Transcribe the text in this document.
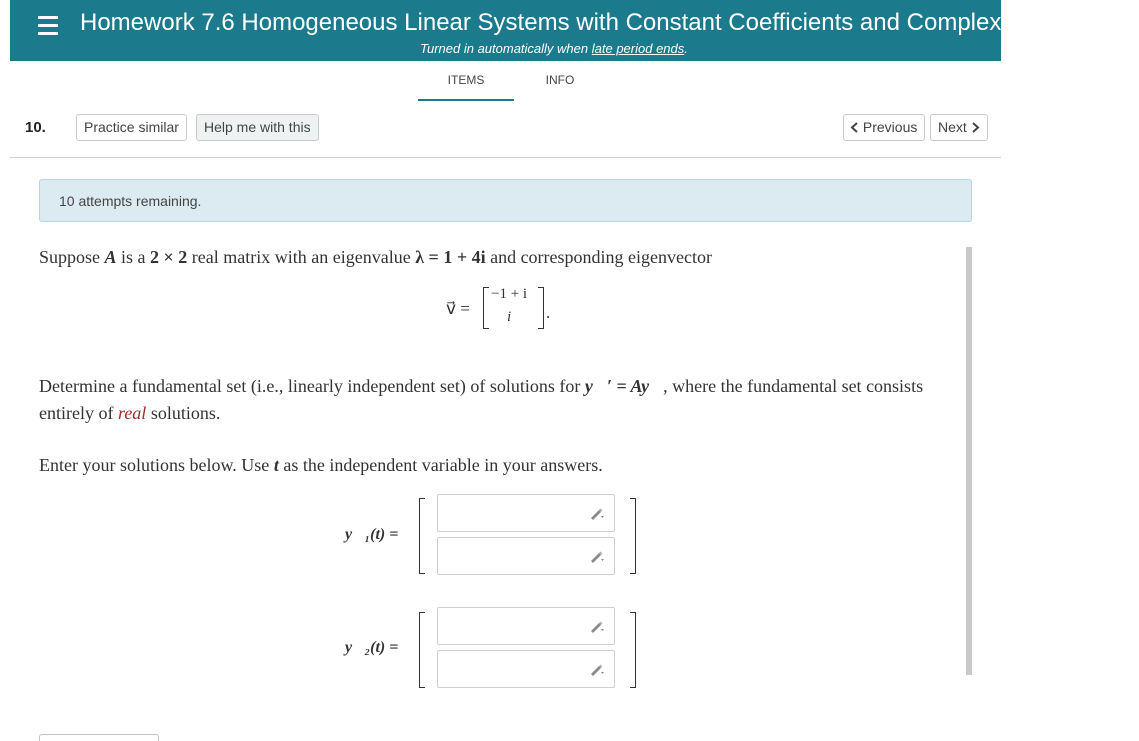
Homework 7.6 Homogeneous Linear Systems with Constant Coefficients and Complex Eigenvalues
Turned in automatically when late period ends.
ITEMS	INFO
10.	Practice similar	Help me with this	Previous	Next
10 attempts remaining.
Suppose A is a 2 × 2 real matrix with an eigenvalue λ = 1 + 4i and corresponding eigenvector
v⃗ =
−1 + i
i .
Determine a fundamental set (i.e., linearly independent set) of solutions for y⃗′ = Ay⃗, where the fundamental set consists
entirely of real solutions.
Enter your solutions below. Use t as the independent variable in your answers.
y⃗₁(t) =
y⃗₂(t) =
